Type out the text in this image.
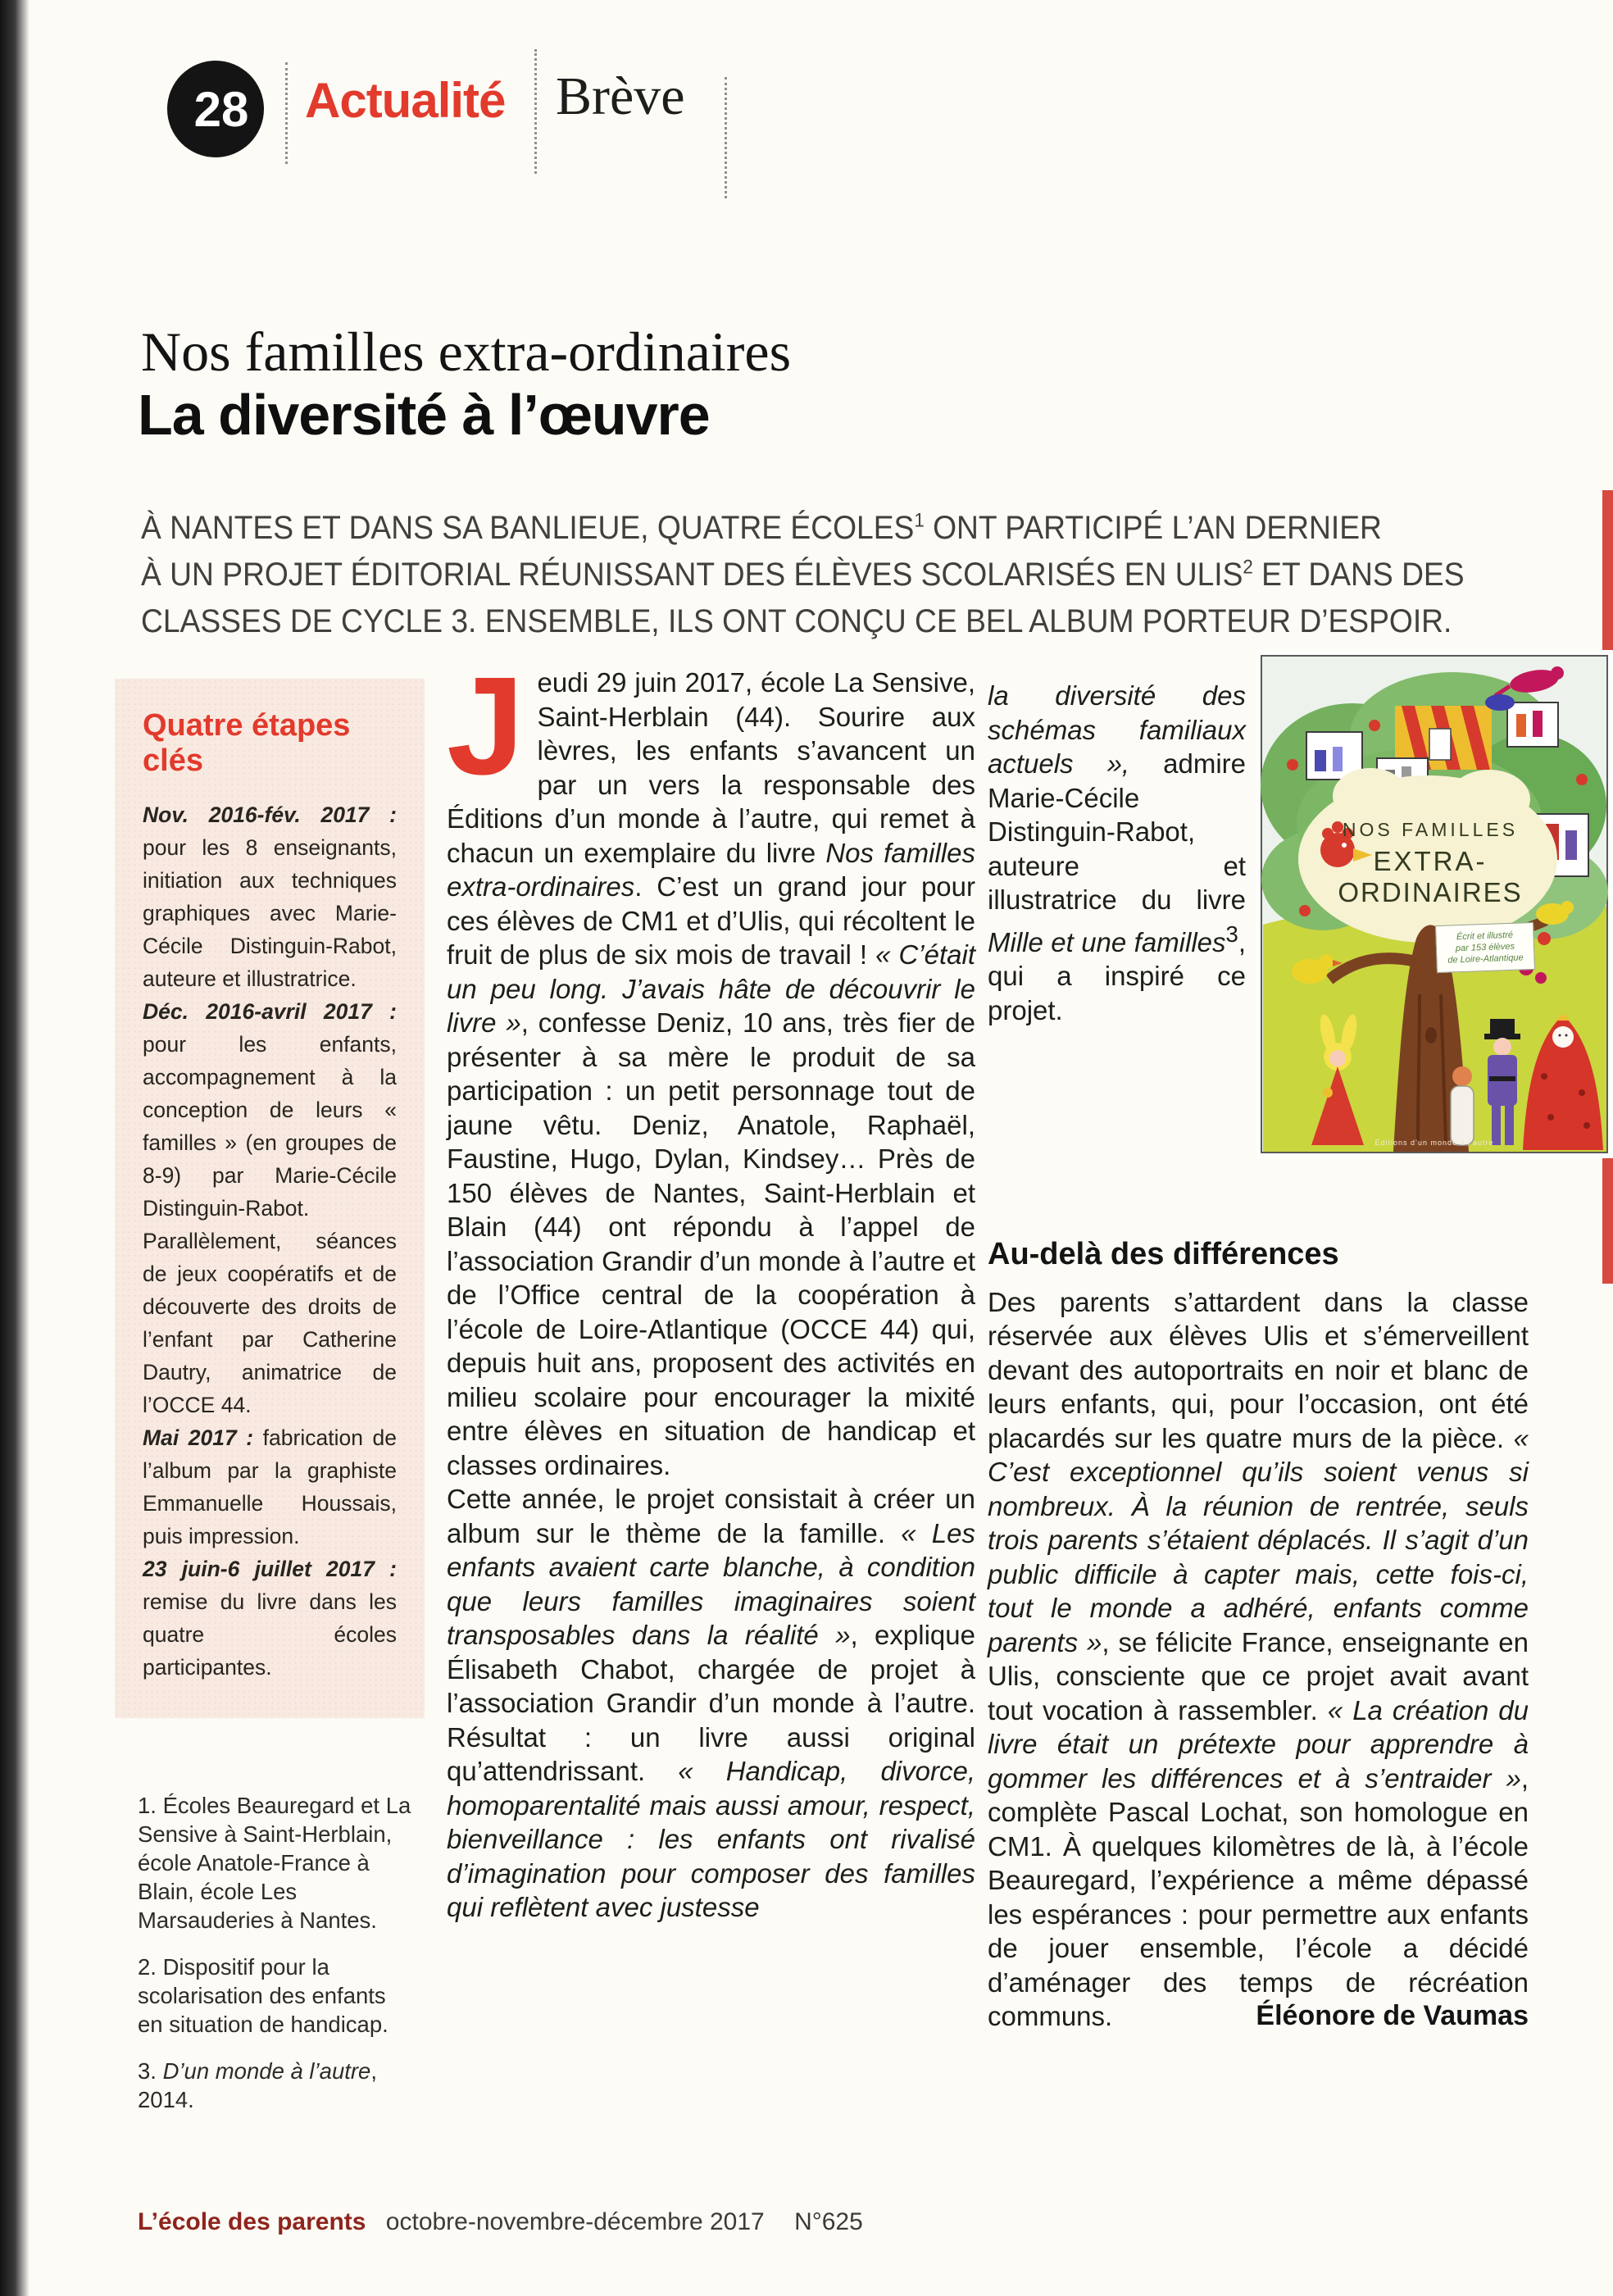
28 Actualité Brève
Nos familles extra-ordinaires
La diversité à l’œuvre
À NANTES ET DANS SA BANLIEUE, QUATRE ÉCOLES$^1$ ONT PARTICIPÉ L’AN DERNIER
À UN PROJET ÉDITORIAL RÉUNISSANT DES ÉLÈVES SCOLARISÉS EN ULIS$^2$ ET DANS DES
CLASSES DE CYCLE 3. ENSEMBLE, ILS ONT CONÇU CE BEL ALBUM PORTEUR D’ESPOIR.
Quatre étapes clés

Nov. 2016-fév. 2017 : pour les 8 enseignants, initiation aux techniques graphiques avec Marie-Cécile Distinguin-Rabot, auteure et illustratrice.

Déc. 2016-avril 2017 : pour les enfants, accompagnement à la conception de leurs « familles » (en groupes de 8-9) par Marie-Cécile Distinguin-Rabot. Parallèlement, séances de jeux coopératifs et de découverte des droits de l’enfant par Catherine Dautry, animatrice de l’OCCE 44.

Mai 2017 : fabrication de l’album par la graphiste Emmanuelle Houssais, puis impression.

23 juin-6 juillet 2017 : remise du livre dans les quatre écoles participantes.

1. Écoles Beauregard et La Sensive à Saint-Herblain, école Anatole-France à Blain, école Les Marsauderies à Nantes.

2. Dispositif pour la scolarisation des enfants en situation de handicap.

3. D’un monde à l’autre, 2014.

Jeudi 29 juin 2017, école La Sensive, Saint-Herblain (44). Sourire aux lèvres, les enfants s’avancent un par un vers la responsable des Éditions d’un monde à l’autre, qui remet à chacun un exemplaire du livre Nos familles extra-ordinaires. C’est un grand jour pour ces élèves de CM1 et d’Ulis, qui récoltent le fruit de plus de six mois de travail ! « C’était un peu long. J’avais hâte de découvrir le livre », confesse Deniz, 10 ans, très fier de présenter à sa mère le produit de sa participation : un petit personnage tout de jaune vêtu. Deniz, Anatole, Raphaël, Faustine, Hugo, Dylan, Kindsey… Près de 150 élèves de Nantes, Saint-Herblain et Blain (44) ont répondu à l’appel de l’association Grandir d’un monde à l’autre et de l’Office central de la coopération à l’école de Loire-Atlantique (OCCE 44) qui, depuis huit ans, proposent des activités en milieu scolaire pour encourager la mixité entre élèves en situation de handicap et classes ordinaires.

Cette année, le projet consistait à créer un album sur le thème de la famille. « Les enfants avaient carte blanche, à condition que leurs familles imaginaires soient transposables dans la réalité », explique Élisabeth Chabot, chargée de projet à l’association Grandir d’un monde à l’autre. Résultat : un livre aussi original qu’attendrissant. « Handicap, divorce, homoparentalité mais aussi amour, respect, bienveillance : les enfants ont rivalisé d’imagination pour composer des familles qui reflètent avec justesse

la diversité des schémas familiaux actuels », admire Marie-Cécile Distinguin-Rabot, auteure et illustratrice du livre Mille et une familles$^3$, qui a inspiré ce projet.

Au-delà des différences

Des parents s’attardent dans la classe réservée aux élèves Ulis et s’émerveillent devant des autoportraits en noir et blanc de leurs enfants, qui, pour l’occasion, ont été placardés sur les quatre murs de la pièce. « C’est exceptionnel qu’ils soient venus si nombreux. À la réunion de rentrée, seuls trois parents s’étaient déplacés. Il s’agit d’un public difficile à capter mais, cette fois-ci, tout le monde a adhéré, enfants comme parents », se félicite France, enseignante en Ulis, consciente que ce projet avait avant tout vocation à rassembler. « La création du livre était un prétexte pour apprendre à gommer les différences et à s’entraider », complète Pascal Lochat, son homologue en CM1. À quelques kilomètres de là, à l’école Beauregard, l’expérience a même dépassé les espérances : pour permettre aux enfants de jouer ensemble, l’école a décidé d’aménager des temps de récréation communs.	Éléonore de Vaumas
NOS FAMILLES
EXTRA-
ORDINAIRES
Écrit et illustré
par 153 élèves
de Loire-Atlantique
Éditions d’un monde à l’autre
L’école des parents octobre-novembre-décembre 2017 N°625
